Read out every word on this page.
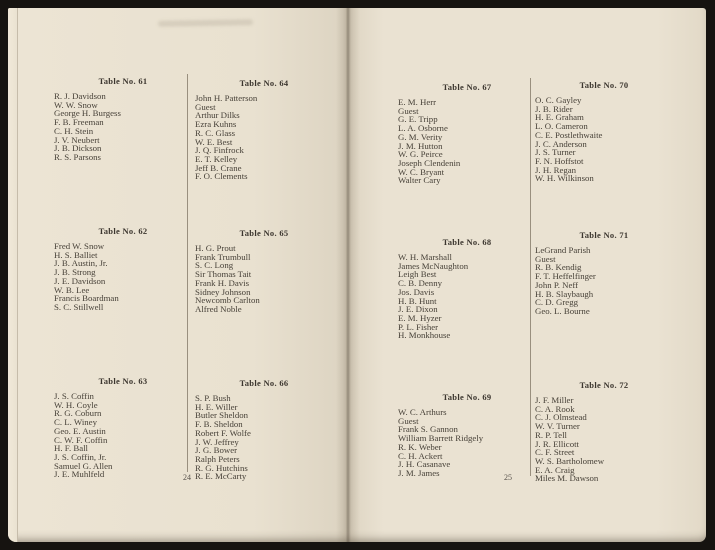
Table No. 61
R. J. Davidson
W. W. Snow
George H. Burgess
F. B. Freeman
C. H. Stein
J. V. Neubert
J. B. Dickson
R. S. Parsons
Table No. 62
Fred W. Snow
H. S. Balliet
J. B. Austin, Jr.
J. B. Strong
J. E. Davidson
W. B. Lee
Francis Boardman
S. C. Stillwell
Table No. 63
J. S. Coffin
W. H. Coyle
R. G. Coburn
C. L. Winey
Geo. E. Austin
C. W. F. Coffin
H. F. Ball
J. S. Coffin, Jr.
Samuel G. Allen
J. E. Muhlfeld
Table No. 64
John H. Patterson
Guest
Arthur Dilks
Ezra Kuhns
R. C. Glass
W. E. Best
J. Q. Finfrock
E. T. Kelley
Jeff B. Crane
F. O. Clements
Table No. 65
H. G. Prout
Frank Trumbull
S. C. Long
Sir Thomas Tait
Frank H. Davis
Sidney Johnson
Newcomb Carlton
Alfred Noble
Table No. 66
S. P. Bush
H. E. Willer
Butler Sheldon
F. B. Sheldon
Robert F. Wolfe
J. W. Jeffrey
J. G. Bower
Ralph Peters
R. G. Hutchins
R. E. McCarty
Table No. 67
E. M. Herr
Guest
G. E. Tripp
L. A. Osborne
G. M. Verity
J. M. Hutton
W. G. Peirce
Joseph Clendenin
W. C. Bryant
Walter Cary
Table No. 68
W. H. Marshall
James McNaughton
Leigh Best
C. B. Denny
Jos. Davis
H. B. Hunt
J. E. Dixon
E. M. Hyzer
P. L. Fisher
H. Monkhouse
Table No. 69
W. C. Arthurs
Guest
Frank S. Gannon
William Barrett Ridgely
R. K. Weber
C. H. Ackert
J. H. Casanave
J. M. James
Table No. 70
O. C. Gayley
J. B. Rider
H. E. Graham
L. O. Cameron
C. E. Postlethwaite
J. C. Anderson
J. S. Turner
F. N. Hoffstot
J. H. Regan
W. H. Wilkinson
Table No. 71
LeGrand Parish
Guest
R. B. Kendig
F. T. Heffelfinger
John P. Neff
H. B. Slaybaugh
C. D. Gregg
Geo. L. Bourne
Table No. 72
J. F. Miller
C. A. Rook
C. J. Olmstead
W. V. Turner
R. P. Tell
J. R. Ellicott
C. F. Street
W. S. Bartholomew
E. A. Craig
Miles M. Dawson
24	25
